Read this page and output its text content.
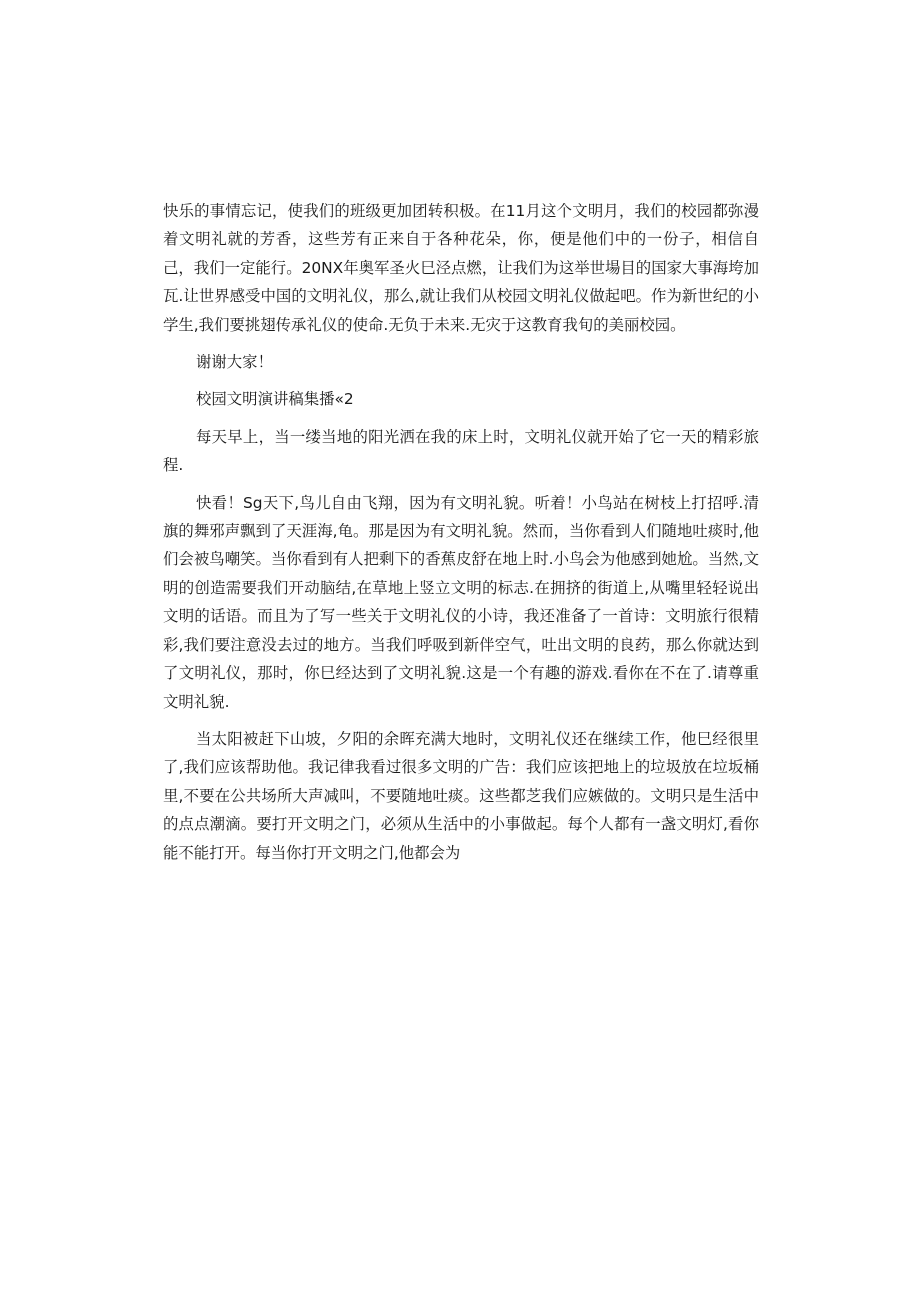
快乐的事情忘记，使我们的班级更加团转积极。在11月这个文明月，我们的校园都弥漫着文明礼就的芳香，这些芳有正来自于各种花朵，你，便是他们中的一份子，相信自己，我们一定能行。20NX年奥军圣火巳泾点燃，让我们为这举世場目的国家大事海垮加瓦.让世界感受中国的文明礼仪，那么,就让我们从校园文明礼仪做起吧。作为新世纪的小学生,我们要挑翅传承礼仪的使命.无负于未来.无灾于这教育我旬的美丽校园。

谢谢大家！

校园文明演讲稿集播«2

每天早上，当一缕当地的阳光洒在我的床上时，文明礼仪就开始了它一天的精彩旅程.

快看！Sg天下,鸟儿自由飞翔，因为有文明礼貌。听着！小鸟站在树枝上打招呼.清旗的舞邪声飘到了天涯海,龟。那是因为有文明礼貌。然而，当你看到人们随地吐痰时,他们会被鸟嘲笑。当你看到有人把剩下的香蕉皮舒在地上时.小鸟会为他感到她尬。当然,文明的创造需要我们开动脑结,在草地上竖立文明的标志.在拥挤的街道上,从嘴里轻轻说出文明的话语。而且为了写一些关于文明礼仪的小诗，我还准备了一首诗：文明旅行很精彩,我们要注意没去过的地方。当我们呼吸到新伴空气，吐出文明的良药，那么你就达到了文明礼仪，那时，你巳经达到了文明礼貌.这是一个有趣的游戏.看你在不在了.请尊重文明礼貌.

当太阳被赶下山坡，夕阳的余晖充满大地时，文明礼仪还在继续工作，他巳经很里了,我们应该帮助他。我记律我看过很多文明的广告：我们应该把地上的垃圾放在垃坂桶里,不要在公共场所大声减叫，不要随地吐痰。这些都芝我们应嫉做的。文明只是生活中的点点潮滴。要打开文明之门，必须从生活中的小事做起。每个人都有一盏文明灯,看你能不能打开。每当你打开文明之门,他都会为
